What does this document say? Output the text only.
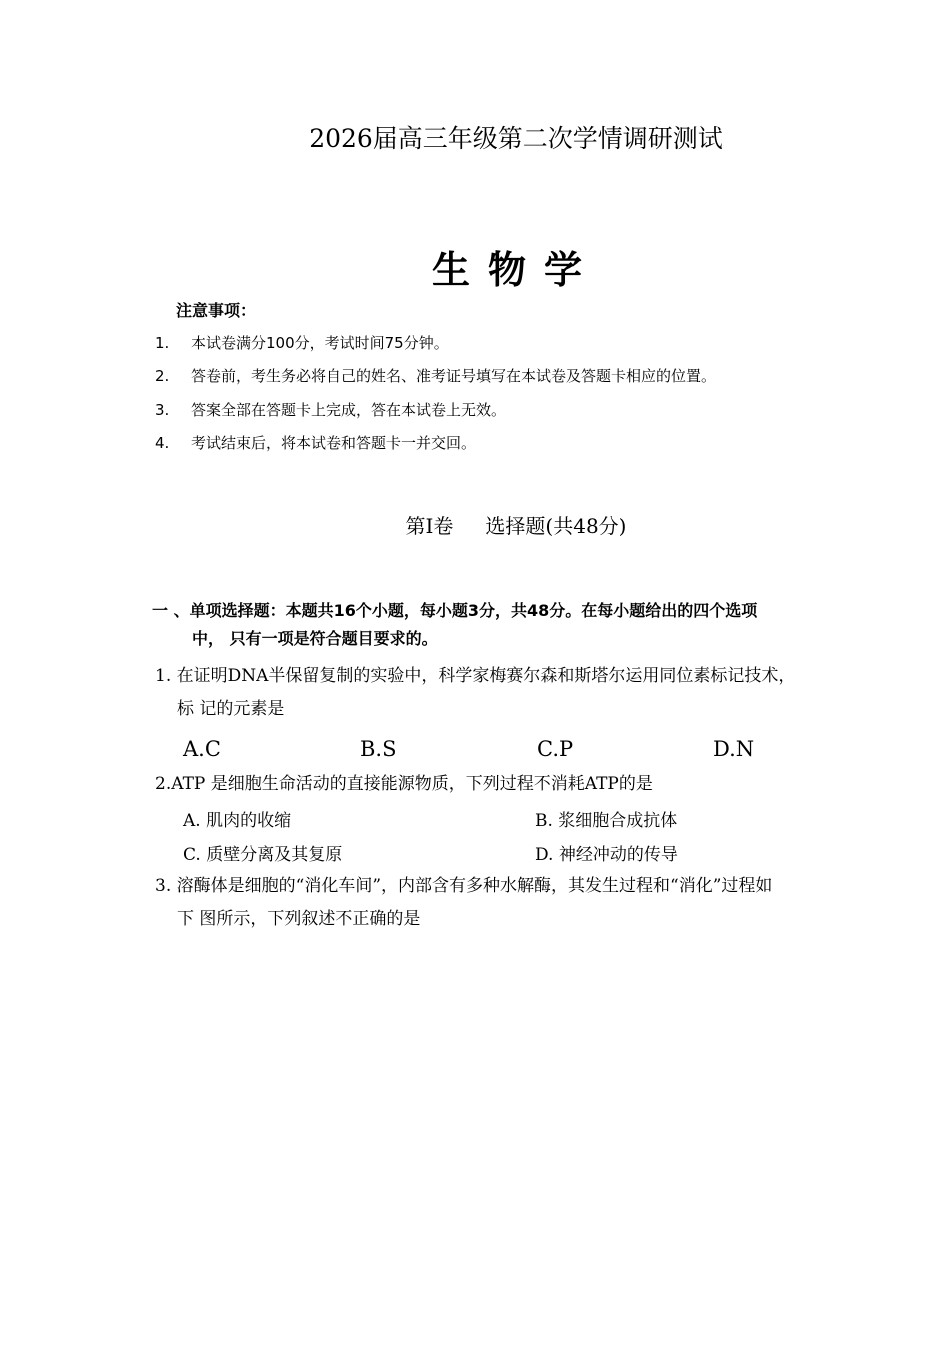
2026届高三年级第二次学情调研测试
生物学
注意事项：
1. 本试卷满分100分，考试时间75分钟。
2. 答卷前，考生务必将自己的姓名、准考证号填写在本试卷及答题卡相应的位置。
3. 答案全部在答题卡上完成，答在本试卷上无效。
4. 考试结束后，将本试卷和答题卡一并交回。
第I卷 选择题(共48分)
一 、单项选择题：本题共16个小题，每小题3分，共48分。在每小题给出的四个选项
中， 只有一项是符合题目要求的。
1. 在证明DNA半保留复制的实验中，科学家梅赛尔森和斯塔尔运用同位素标记技术，
标 记的元素是
A.C	B.S	C.P	D.N
2.ATP 是细胞生命活动的直接能源物质，下列过程不消耗ATP的是
A. 肌肉的收缩	B. 浆细胞合成抗体
C. 质壁分离及其复原	D. 神经冲动的传导
3. 溶酶体是细胞的“消化车间”，内部含有多种水解酶，其发生过程和“消化”过程如
下 图所示，下列叙述不正确的是
